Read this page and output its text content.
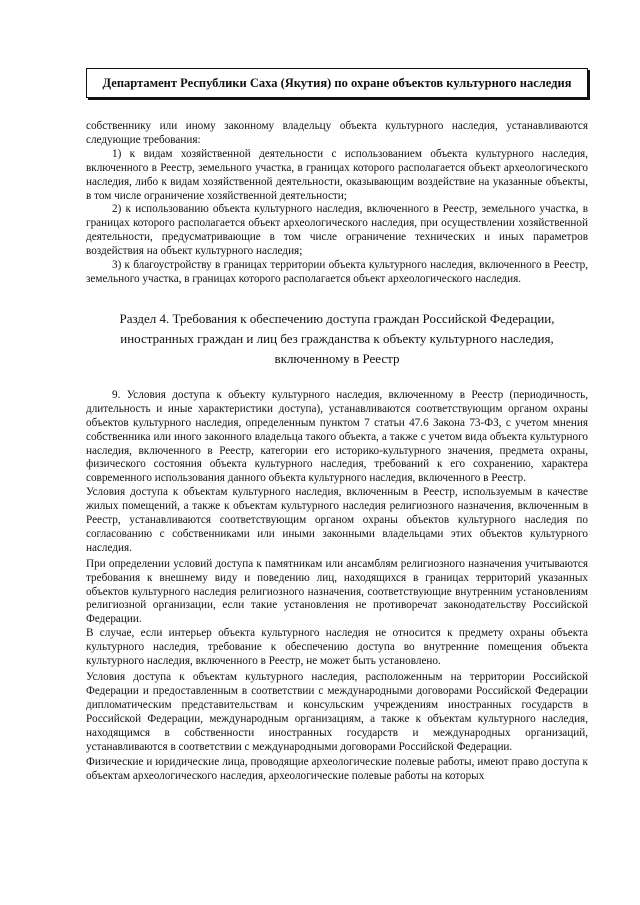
Департамент Республики Саха (Якутия) по охране объектов культурного наследия

собственнику или иному законному владельцу объекта культурного наследия, устанавливаются следующие требования:

1) к видам хозяйственной деятельности с использованием объекта культурного наследия, включенного в Реестр, земельного участка, в границах которого располагается объект археологического наследия, либо к видам хозяйственной деятельности, оказывающим воздействие на указанные объекты, в том числе ограничение хозяйственной деятельности;

2) к использованию объекта культурного наследия, включенного в Реестр, земельного участка, в границах которого располагается объект археологического наследия, при осуществлении хозяйственной деятельности, предусматривающие в том числе ограничение технических и иных параметров воздействия на объект культурного наследия;

3) к благоустройству в границах территории объекта культурного наследия, включенного в Реестр, земельного участка, в границах которого располагается объект археологического наследия.

Раздел 4. Требования к обеспечению доступа граждан Российской Федерации, иностранных граждан и лиц без гражданства к объекту культурного наследия, включенному в Реестр

9. Условия доступа к объекту культурного наследия, включенному в Реестр (периодичность, длительность и иные характеристики доступа), устанавливаются соответствующим органом охраны объектов культурного наследия, определенным пунктом 7 статьи 47.6 Закона 73-ФЗ, с учетом мнения собственника или иного законного владельца такого объекта, а также с учетом вида объекта культурного наследия, включенного в Реестр, категории его историко-культурного значения, предмета охраны, физического состояния объекта культурного наследия, требований к его сохранению, характера современного использования данного объекта культурного наследия, включенного в Реестр.

Условия доступа к объектам культурного наследия, включенным в Реестр, используемым в качестве жилых помещений, а также к объектам культурного наследия религиозного назначения, включенным в Реестр, устанавливаются соответствующим органом охраны объектов культурного наследия по согласованию с собственниками или иными законными владельцами этих объектов культурного наследия.

При определении условий доступа к памятникам или ансамблям религиозного назначения учитываются требования к внешнему виду и поведению лиц, находящихся в границах территорий указанных объектов культурного наследия религиозного назначения, соответствующие внутренним установлениям религиозной организации, если такие установления не противоречат законодательству Российской Федерации.

В случае, если интерьер объекта культурного наследия не относится к предмету охраны объекта культурного наследия, требование к обеспечению доступа во внутренние помещения объекта культурного наследия, включенного в Реестр, не может быть установлено.

Условия доступа к объектам культурного наследия, расположенным на территории Российской Федерации и предоставленным в соответствии с международными договорами Российской Федерации дипломатическим представительствам и консульским учреждениям иностранных государств в Российской Федерации, международным организациям, а также к объектам культурного наследия, находящимся в собственности иностранных государств и международных организаций, устанавливаются в соответствии с международными договорами Российской Федерации.

Физические и юридические лица, проводящие археологические полевые работы, имеют право доступа к объектам археологического наследия, археологические полевые работы на которых
